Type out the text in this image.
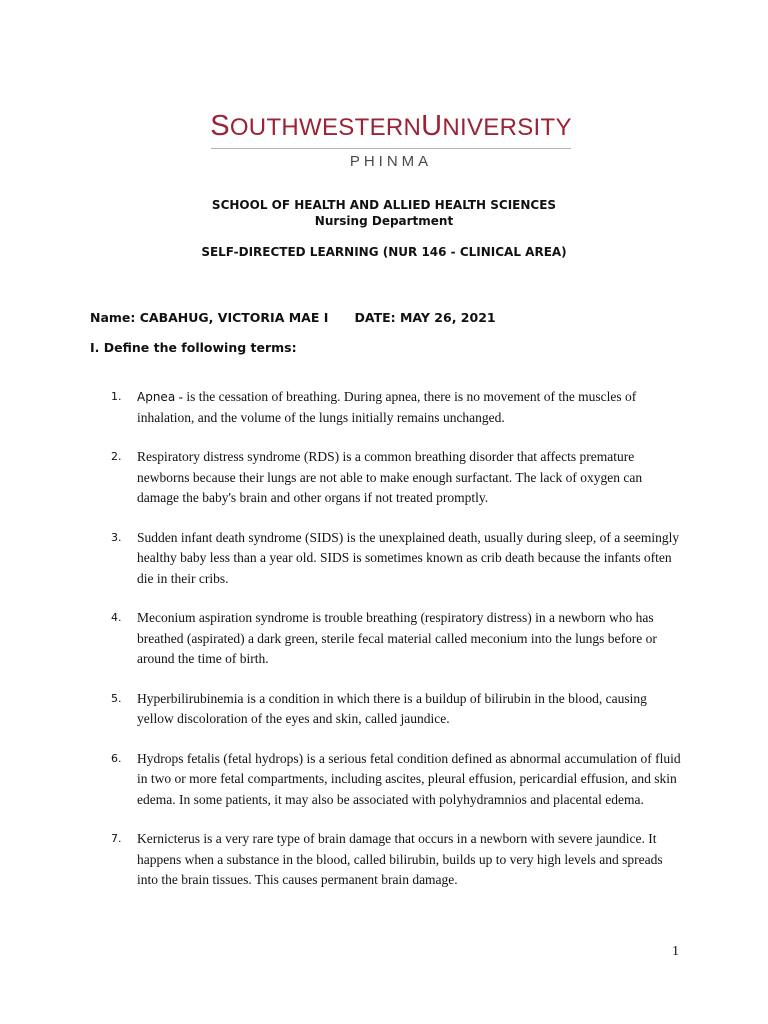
SOUTHWESTERNUNIVERSITY
PHINMA
SCHOOL OF HEALTH AND ALLIED HEALTH SCIENCES
Nursing Department
SELF-DIRECTED LEARNING (NUR 146 - CLINICAL AREA)
Name: CABAHUG, VICTORIA MAE I      DATE: MAY 26, 2021
I. Define the following terms:
1. Apnea - is the cessation of breathing. During apnea, there is no movement of the muscles of inhalation, and the volume of the lungs initially remains unchanged.
2. Respiratory distress syndrome (RDS) is a common breathing disorder that affects premature newborns because their lungs are not able to make enough surfactant. The lack of oxygen can damage the baby's brain and other organs if not treated promptly.
3. Sudden infant death syndrome (SIDS) is the unexplained death, usually during sleep, of a seemingly healthy baby less than a year old. SIDS is sometimes known as crib death because the infants often die in their cribs.
4. Meconium aspiration syndrome is trouble breathing (respiratory distress) in a newborn who has breathed (aspirated) a dark green, sterile fecal material called meconium into the lungs before or around the time of birth.
5. Hyperbilirubinemia is a condition in which there is a buildup of bilirubin in the blood, causing yellow discoloration of the eyes and skin, called jaundice.
6. Hydrops fetalis (fetal hydrops) is a serious fetal condition defined as abnormal accumulation of fluid in two or more fetal compartments, including ascites, pleural effusion, pericardial effusion, and skin edema. In some patients, it may also be associated with polyhydramnios and placental edema.
7. Kernicterus is a very rare type of brain damage that occurs in a newborn with severe jaundice. It happens when a substance in the blood, called bilirubin, builds up to very high levels and spreads into the brain tissues. This causes permanent brain damage.
1
